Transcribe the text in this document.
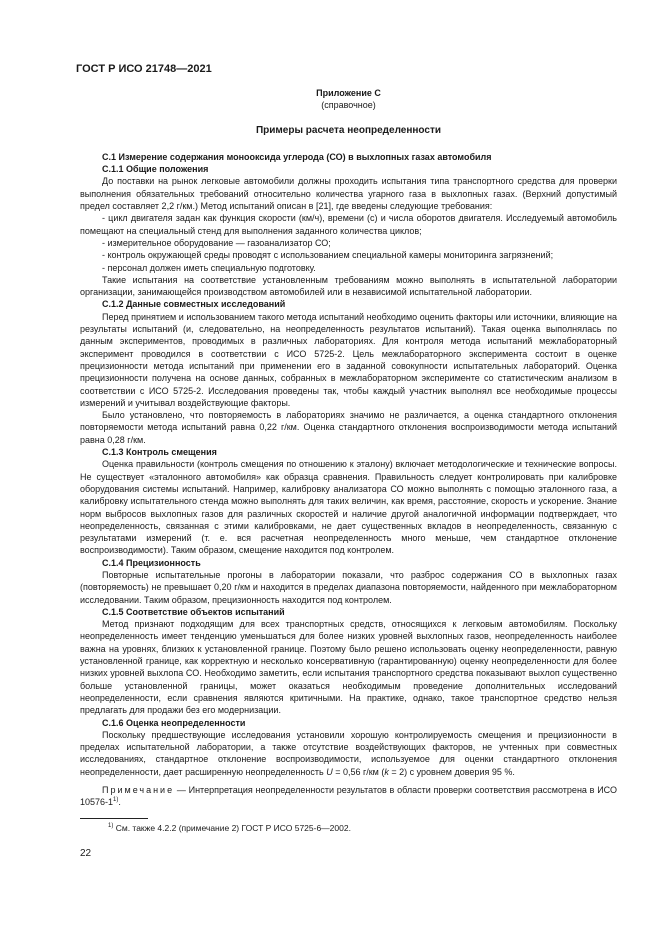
ГОСТ Р ИСО 21748—2021

Приложение С

(справочное)

Примеры расчета неопределенности
C.1 Измерение содержания монооксида углерода (СО) в выхлопных газах автомобиля
С.1.1 Общие положения

До поставки на рынок легковые автомобили должны проходить испытания типа транспортного средства для проверки выполнения обязательных требований относительно количества угарного газа в выхлопных газах. (Верхний допустимый предел составляет 2,2 г/км.) Метод испытаний описан в [21], где введены следующие требования:

- цикл двигателя задан как функция скорости (км/ч), времени (с) и числа оборотов двигателя. Исследуемый автомобиль помещают на специальный стенд для выполнения заданного количества циклов;

- измерительное оборудование — газоанализатор СО;

- контроль окружающей среды проводят с использованием специальной камеры мониторинга загрязнений;

- персонал должен иметь специальную подготовку.

Такие испытания на соответствие установленным требованиям можно выполнять в испытательной лаборатории организации, занимающейся производством автомобилей или в независимой испытательной лаборатории.

С.1.2 Данные совместных исследований

Перед принятием и использованием такого метода испытаний необходимо оценить факторы или источники, влияющие на результаты испытаний (и, следовательно, на неопределенность результатов испытаний). Такая оценка выполнялась по данным экспериментов, проводимых в различных лабораториях. Для контроля метода испытаний межлабораторный эксперимент проводился в соответствии с ИСО 5725-2. Цель межлабораторного эксперимента состоит в оценке прецизионности метода испытаний при применении его в заданной совокупности испытательных лабораторий. Оценка прецизионности получена на основе данных, собранных в межлабораторном эксперименте со статистическим анализом в соответствии с ИСО 5725-2. Исследования проведены так, чтобы каждый участник выполнял все необходимые процессы измерений и учитывал воздействующие факторы.

Было установлено, что повторяемость в лабораториях значимо не различается, а оценка стандартного отклонения повторяемости метода испытаний равна 0,22 г/км. Оценка стандартного отклонения воспроизводимости метода испытаний равна 0,28 г/км.

С.1.3 Контроль смещения

Оценка правильности (контроль смещения по отношению к эталону) включает методологические и технические вопросы. Не существует «эталонного автомобиля» как образца сравнения. Правильность следует контролировать при калибровке оборудования системы испытаний. Например, калибровку анализатора СО можно выполнять с помощью эталонного газа, а калибровку испытательного стенда можно выполнять для таких величин, как время, расстояние, скорость и ускорение. Знание норм выбросов выхлопных газов для различных скоростей и наличие другой аналогичной информации подтверждает, что неопределенность, связанная с этими калибровками, не дает существенных вкладов в неопределенность, связанную с результатами измерений (т. е. вся расчетная неопределенность много меньше, чем стандартное отклонение воспроизводимости). Таким образом, смещение находится под контролем.

С.1.4 Прецизионность

Повторные испытательные прогоны в лаборатории показали, что разброс содержания СО в выхлопных газах (повторяемость) не превышает 0,20 г/км и находится в пределах диапазона повторяемости, найденного при межлабораторном исследовании. Таким образом, прецизионность находится под контролем.

С.1.5 Соответствие объектов испытаний

Метод признают подходящим для всех транспортных средств, относящихся к легковым автомобилям. Поскольку неопределенность имеет тенденцию уменьшаться для более низких уровней выхлопных газов, неопределенность наиболее важна на уровнях, близких к установленной границе. Поэтому было решено использовать оценку неопределенности, равную установленной границе, как корректную и несколько консервативную (гарантированную) оценку неопределенности для более низких уровней выхлопа СО. Необходимо заметить, если испытания транспортного средства показывают выхлоп существенно больше установленной границы, может оказаться необходимым проведение дополнительных исследований неопределенности, если сравнения являются критичными. На практике, однако, такое транспортное средство нельзя предлагать для продажи без его модернизации.

С.1.6 Оценка неопределенности

Поскольку предшествующие исследования установили хорошую контролируемость смещения и прецизионности в пределах испытательной лаборатории, а также отсутствие воздействующих факторов, не учтенных при совместных исследованиях, стандартное отклонение воспроизводимости, используемое для оценки стандартного отклонения неопределенности, дает расширенную неопределенность U = 0,56 г/км (k = 2) с уровнем доверия 95 %.

Примечание — Интерпретация неопределенности результатов в области проверки соответствия рассмотрена в ИСО 10576-1$^{1)}$.

$^{1)}$ См. также 4.2.2 (примечание 2) ГОСТ Р ИСО 5725-6—2002.
22
